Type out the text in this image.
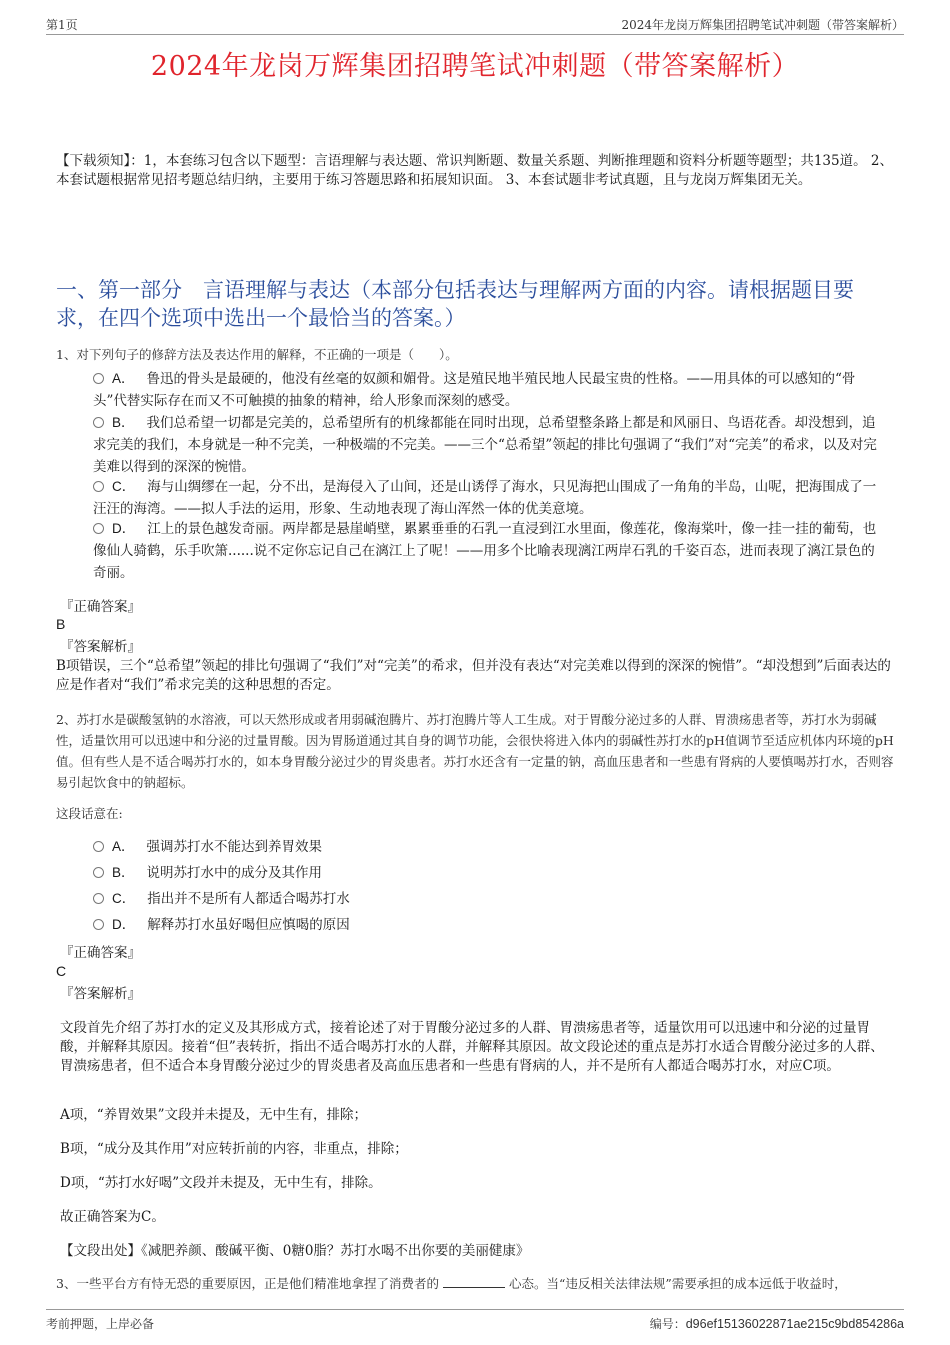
第1页	2024年龙岗万辉集团招聘笔试冲刺题（带答案解析）
2024年龙岗万辉集团招聘笔试冲刺题（带答案解析）
【下载须知】：1，本套练习包含以下题型：言语理解与表达题、常识判断题、数量关系题、判断推理题和资料分析题等题型；共135道。 2、本套试题根据常见招考题总结归纳，主要用于练习答题思路和拓展知识面。 3、本套试题非考试真题，且与龙岗万辉集团无关。
一、第一部分　言语理解与表达（本部分包括表达与理解两方面的内容。请根据题目要求，在四个选项中选出一个最恰当的答案。）
1、对下列句子的修辞方法及表达作用的解释，不正确的一项是（　　）。
A． 鲁迅的骨头是最硬的，他没有丝毫的奴颜和媚骨。这是殖民地半殖民地人民最宝贵的性格。——用具体的可以感知的“骨头”代替实际存在而又不可触摸的抽象的精神，给人形象而深刻的感受。
B． 我们总希望一切都是完美的，总希望所有的机缘都能在同时出现，总希望整条路上都是和风丽日、鸟语花香。却没想到，追求完美的我们，本身就是一种不完美，一种极端的不完美。——三个“总希望”领起的排比句强调了“我们”对“完美”的希求，以及对完美难以得到的深深的惋惜。
C． 海与山绸缪在一起，分不出，是海侵入了山间，还是山诱俘了海水，只见海把山围成了一角角的半岛，山呢，把海围成了一汪汪的海湾。——拟人手法的运用，形象、生动地表现了海山浑然一体的优美意境。
D． 江上的景色越发奇丽。两岸都是悬崖峭壁，累累垂垂的石乳一直浸到江水里面，像莲花，像海棠叶，像一挂一挂的葡萄，也像仙人骑鹤，乐手吹箫......说不定你忘记自己在漓江上了呢！——用多个比喻表现漓江两岸石乳的千姿百态，进而表现了漓江景色的奇丽。
『正确答案』
B
『答案解析』
B项错误，三个“总希望”领起的排比句强调了“我们”对“完美”的希求，但并没有表达“对完美难以得到的深深的惋惜”。“却没想到”后面表达的应是作者对“我们”希求完美的这种思想的否定。
2、苏打水是碳酸氢钠的水溶液，可以天然形成或者用弱碱泡腾片、苏打泡腾片等人工生成。对于胃酸分泌过多的人群、胃溃疡患者等，苏打水为弱碱性，适量饮用可以迅速中和分泌的过量胃酸。因为胃肠道通过其自身的调节功能，会很快将进入体内的弱碱性苏打水的pH值调节至适应机体内环境的pH值。但有些人是不适合喝苏打水的，如本身胃酸分泌过少的胃炎患者。苏打水还含有一定量的钠，高血压患者和一些患有肾病的人要慎喝苏打水，否则容易引起饮食中的钠超标。
这段话意在:
A． 强调苏打水不能达到养胃效果
B． 说明苏打水中的成分及其作用
C． 指出并不是所有人都适合喝苏打水
D． 解释苏打水虽好喝但应慎喝的原因
『正确答案』
C
『答案解析』
文段首先介绍了苏打水的定义及其形成方式，接着论述了对于胃酸分泌过多的人群、胃溃疡患者等，适量饮用可以迅速中和分泌的过量胃酸，并解释其原因。接着“但”表转折，指出不适合喝苏打水的人群，并解释其原因。故文段论述的重点是苏打水适合胃酸分泌过多的人群、胃溃疡患者，但不适合本身胃酸分泌过少的胃炎患者及高血压患者和一些患有肾病的人，并不是所有人都适合喝苏打水，对应C项。
A项，“养胃效果”文段并未提及，无中生有，排除；
B项，“成分及其作用”对应转折前的内容，非重点，排除；
D项，“苏打水好喝”文段并未提及，无中生有，排除。
故正确答案为C。
【文段出处】《减肥养颜、酸碱平衡、0糖0脂？苏打水喝不出你要的美丽健康》
3、一些平台方有恃无恐的重要原因，正是他们精准地拿捏了消费者的	心态。当“违反相关法律法规”需要承担的成本远低于收益时，
考前押题，上岸必备	编号：d96ef15136022871ae215c9bd854286a
